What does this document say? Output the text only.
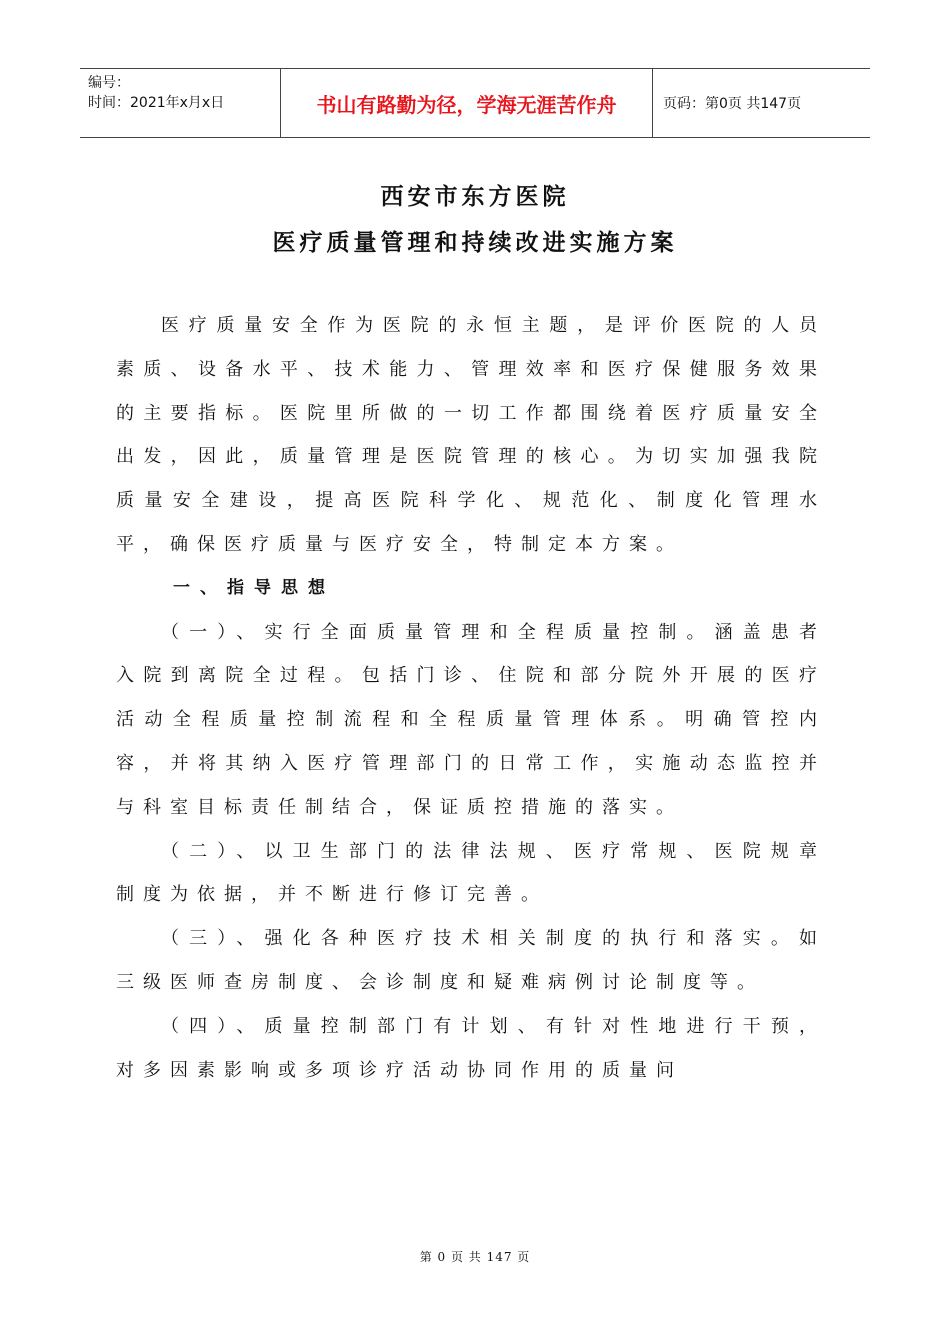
编号：
时间：2021年x月x日	书山有路勤为径，学海无涯苦作舟	页码：第0页 共147页
西安市东方医院
医疗质量管理和持续改进实施方案

医疗质量安全作为医院的永恒主题，是评价医院的人员素质、设备水平、技术能力、管理效率和医疗保健服务效果的主要指标。医院里所做的一切工作都围绕着医疗质量安全出发，因此，质量管理是医院管理的核心。为切实加强我院质量安全建设，提高医院科学化、规范化、制度化管理水平，确保医疗质量与医疗安全，特制定本方案。

一、指导思想

（一）、实行全面质量管理和全程质量控制。涵盖患者入院到离院全过程。包括门诊、住院和部分院外开展的医疗活动全程质量控制流程和全程质量管理体系。明确管控内容，并将其纳入医疗管理部门的日常工作，实施动态监控并与科室目标责任制结合，保证质控措施的落实。

（二）、以卫生部门的法律法规、医疗常规、医院规章制度为依据，并不断进行修订完善。

（三）、强化各种医疗技术相关制度的执行和落实。如三级医师查房制度、会诊制度和疑难病例讨论制度等。

（四）、质量控制部门有计划、有针对性地进行干预，对多因素影响或多项诊疗活动协同作用的质量问

第 0 页 共 147 页
